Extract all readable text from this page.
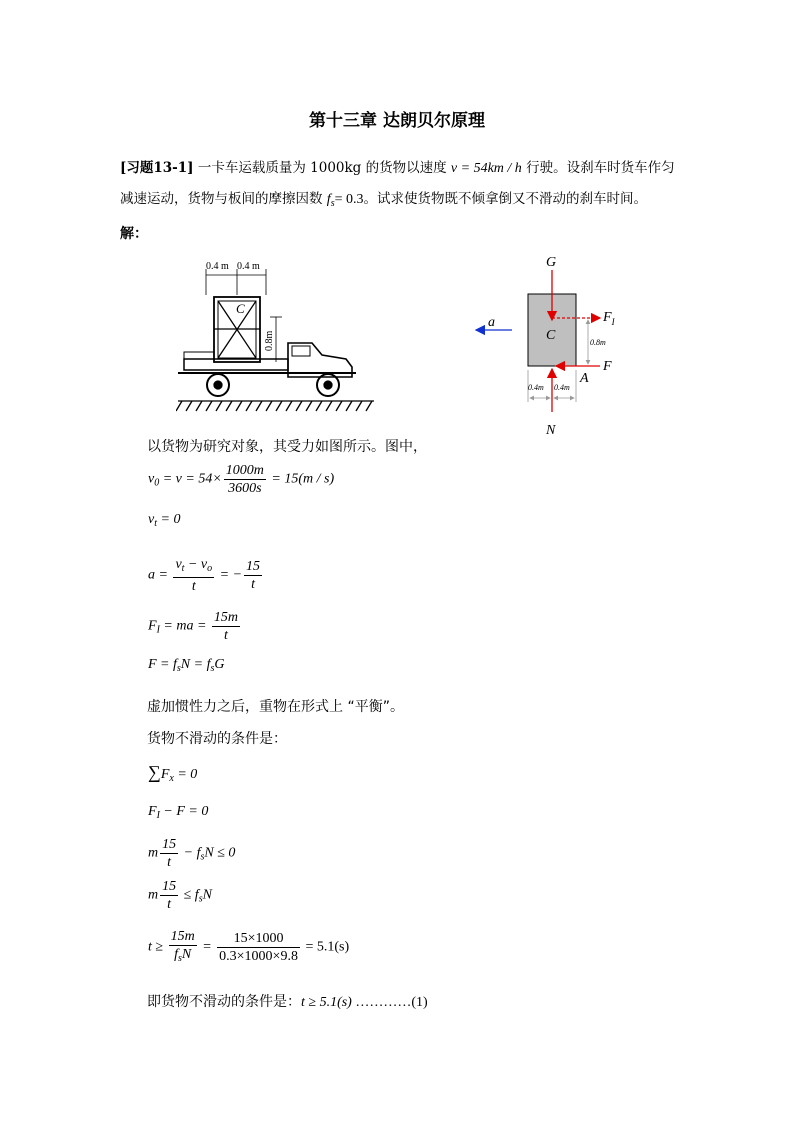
第十三章 达朗贝尔原理
[习题13-1] 一卡车运载质量为 1000kg 的货物以速度 v = 54km / h 行驶。设刹车时货车作匀
减速运动，货物与板间的摩擦因数 $f_s= 0.3$。试求使货物既不倾拿倒又不滑动的刹车时间。
解：
0.4 m 0.4 m
C
0.8m
G
C
$F_I$
F
A
N
a
0.8m
0.4m 0.4m
以货物为研究对象，其受力如图所示。图中，
$v_0 = v = 54\times \frac{1000m}{3600s} = 15(m / s)$
$v_t = 0$
$a = \frac{v_t - v_o}{t}$ = − $\frac{15}{t}$
$F_I$ = ma = $\frac{15m}{t}$
$F = f_sN = f_sG$
虚加惯性力之后，重物在形式上 “平衡”。
货物不滑动的条件是：
$\sum F_x = 0$
$F_I - F = 0$
m $\frac{15}{t} - f_sN \le 0$
m $\frac{15}{t} \le f_sN$
$t \ge \frac{15m}{f_sN} = \frac{15\times 1000}{0.3\times 1000\times 9.8} = 5.1(s)$
即货物不滑动的条件是：t ≥ 5.1(s) …………(1)
